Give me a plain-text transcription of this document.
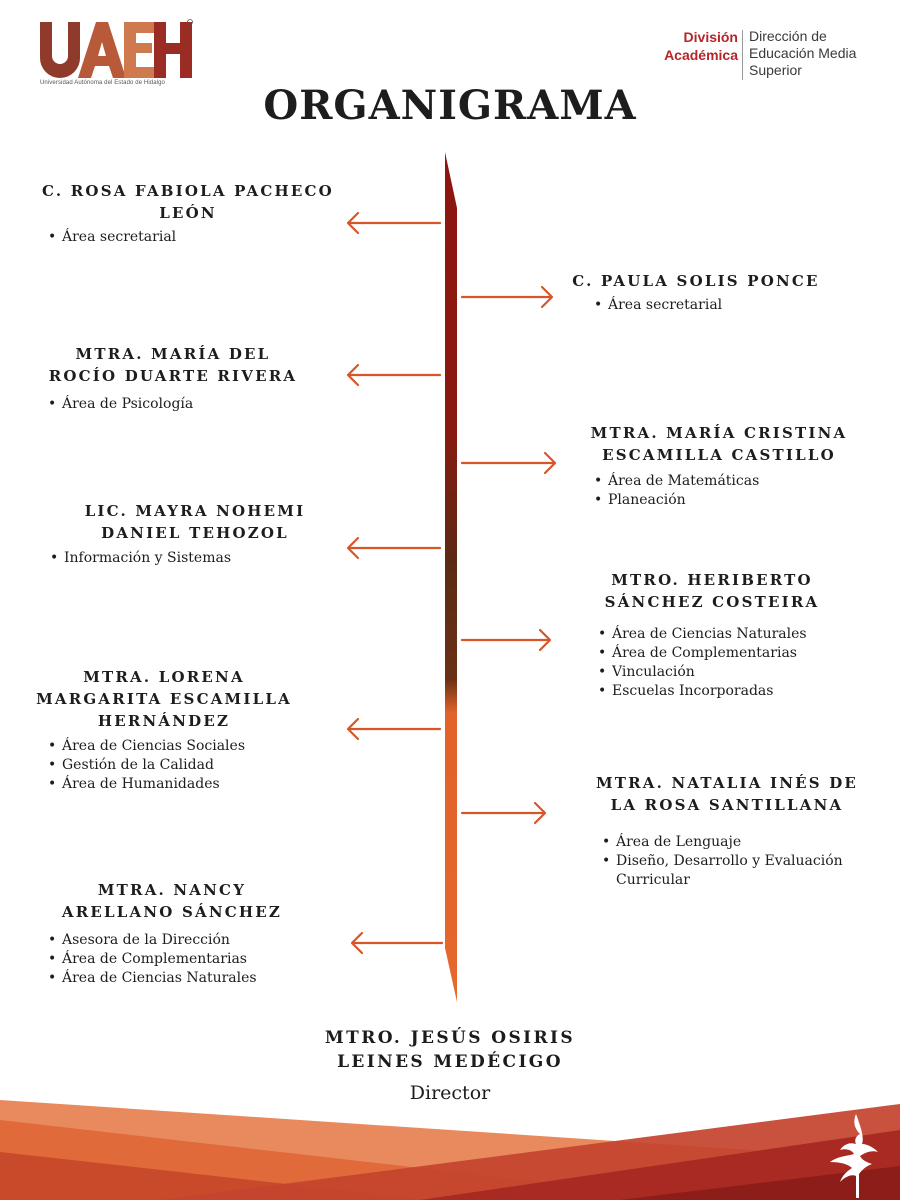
Universidad Autónoma del Estado de Hidalgo
División
Académica
Dirección de
Educación Media
Superior
ORGANIGRAMA
C. ROSA FABIOLA PACHECO LEÓN
• Área secretarial
C. PAULA SOLIS PONCE
• Área secretarial
MTRA. MARÍA DEL ROCÍO DUARTE RIVERA
• Área de Psicología
MTRA. MARÍA CRISTINA ESCAMILLA CASTILLO
• Área de Matemáticas
• Planeación
LIC. MAYRA NOHEMI DANIEL TEHOZOL
• Información y Sistemas
MTRO. HERIBERTO SÁNCHEZ COSTEIRA
• Área de Ciencias Naturales
• Área de Complementarias
• Vinculación
• Escuelas Incorporadas
MTRA. LORENA MARGARITA ESCAMILLA HERNÁNDEZ
• Área de Ciencias Sociales
• Gestión de la Calidad
• Área de Humanidades	MTRA. NATALIA INÉS DE LA ROSA SANTILLANA
• Área de Lenguaje
• Diseño, Desarrollo y Evaluación Curricular
MTRA. NANCY ARELLANO SÁNCHEZ
• Asesora de la Dirección
• Área de Complementarias
• Área de Ciencias Naturales
MTRO. JESÚS OSIRIS LEINES MEDÉCIGO
Director
